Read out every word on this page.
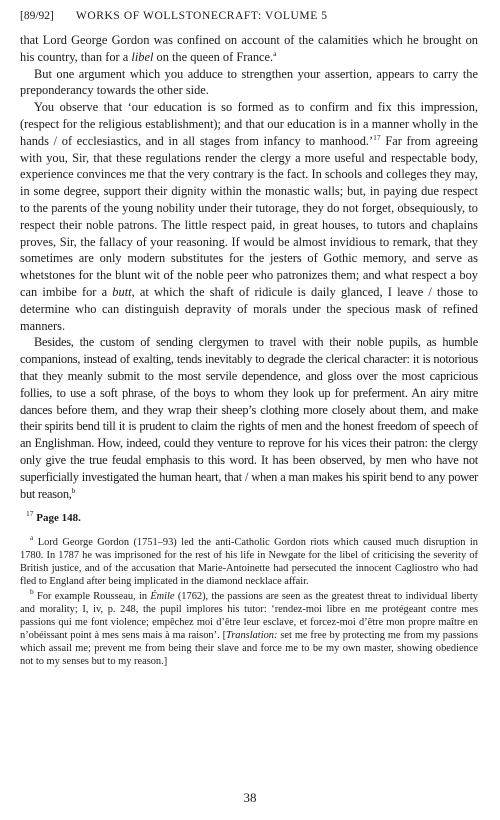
[89/92] WORKS OF WOLLSTONECRAFT: VOLUME 5

that Lord George Gordon was confined on account of the calamities which he brought on his country, than for a libel on the queen of France.$^a$

But one argument which you adduce to strengthen your assertion, appears to carry the preponderancy towards the other side.

You observe that ‘our education is so formed as to confirm and fix this impression, (respect for the religious establishment); and that our education is in a manner wholly in the hands / of ecclesiastics, and in all stages from infancy to manhood.’$^{17}$ Far from agreeing with you, Sir, that these regulations render the clergy a more useful and respectable body, experience convinces me that the very contrary is the fact. In schools and colleges they may, in some degree, support their dignity within the monastic walls; but, in paying due respect to the parents of the young nobility under their tutorage, they do not forget, obsequiously, to respect their noble patrons. The little respect paid, in great houses, to tutors and chaplains proves, Sir, the fallacy of your reasoning. If would be almost invidious to remark, that they sometimes are only modern substitutes for the jesters of Gothic memory, and serve as whetstones for the blunt wit of the noble peer who patronizes them; and what respect a boy can imbibe for a butt, at which the shaft of ridicule is daily glanced, I leave / those to determine who can distinguish depravity of morals under the specious mask of refined manners.

Besides, the custom of sending clergymen to travel with their noble pupils, as humble companions, instead of exalting, tends inevitably to degrade the clerical character: it is notorious that they meanly submit to the most servile dependence, and gloss over the most capricious follies, to use a soft phrase, of the boys to whom they look up for preferment. An airy mitre dances before them, and they wrap their sheep’s clothing more closely about them, and make their spirits bend till it is prudent to claim the rights of men and the honest freedom of speech of an Englishman. How, indeed, could they venture to reprove for his vices their patron: the clergy only give the true feudal emphasis to this word. It has been observed, by men who have not superficially investigated the human heart, that / when a man makes his spirit bend to any power but reason,$^b$

$^{17}$ Page 148.

$^a$ Lord George Gordon (1751–93) led the anti-Catholic Gordon riots which caused much disruption in 1780. In 1787 he was imprisoned for the rest of his life in Newgate for the libel of criticising the severity of British justice, and of the accusation that Marie-Antoinette had persecuted the innocent Cagliostro who had fled to England after being implicated in the diamond necklace affair.

$^b$ For example Rousseau, in Émile (1762), the passions are seen as the greatest threat to individual liberty and morality; I, iv, p. 248, the pupil implores his tutor: ‘rendez-moi libre en me protégeant contre mes passions qui me font violence; empêchez moi d’être leur esclave, et forcez-moi d’être mon propre maître en n’obéissant point à mes sens mais à ma raison’. [Translation: set me free by protecting me from my passions which assail me; prevent me from being their slave and force me to be my own master, showing obedience not to my senses but to my reason.]

38
